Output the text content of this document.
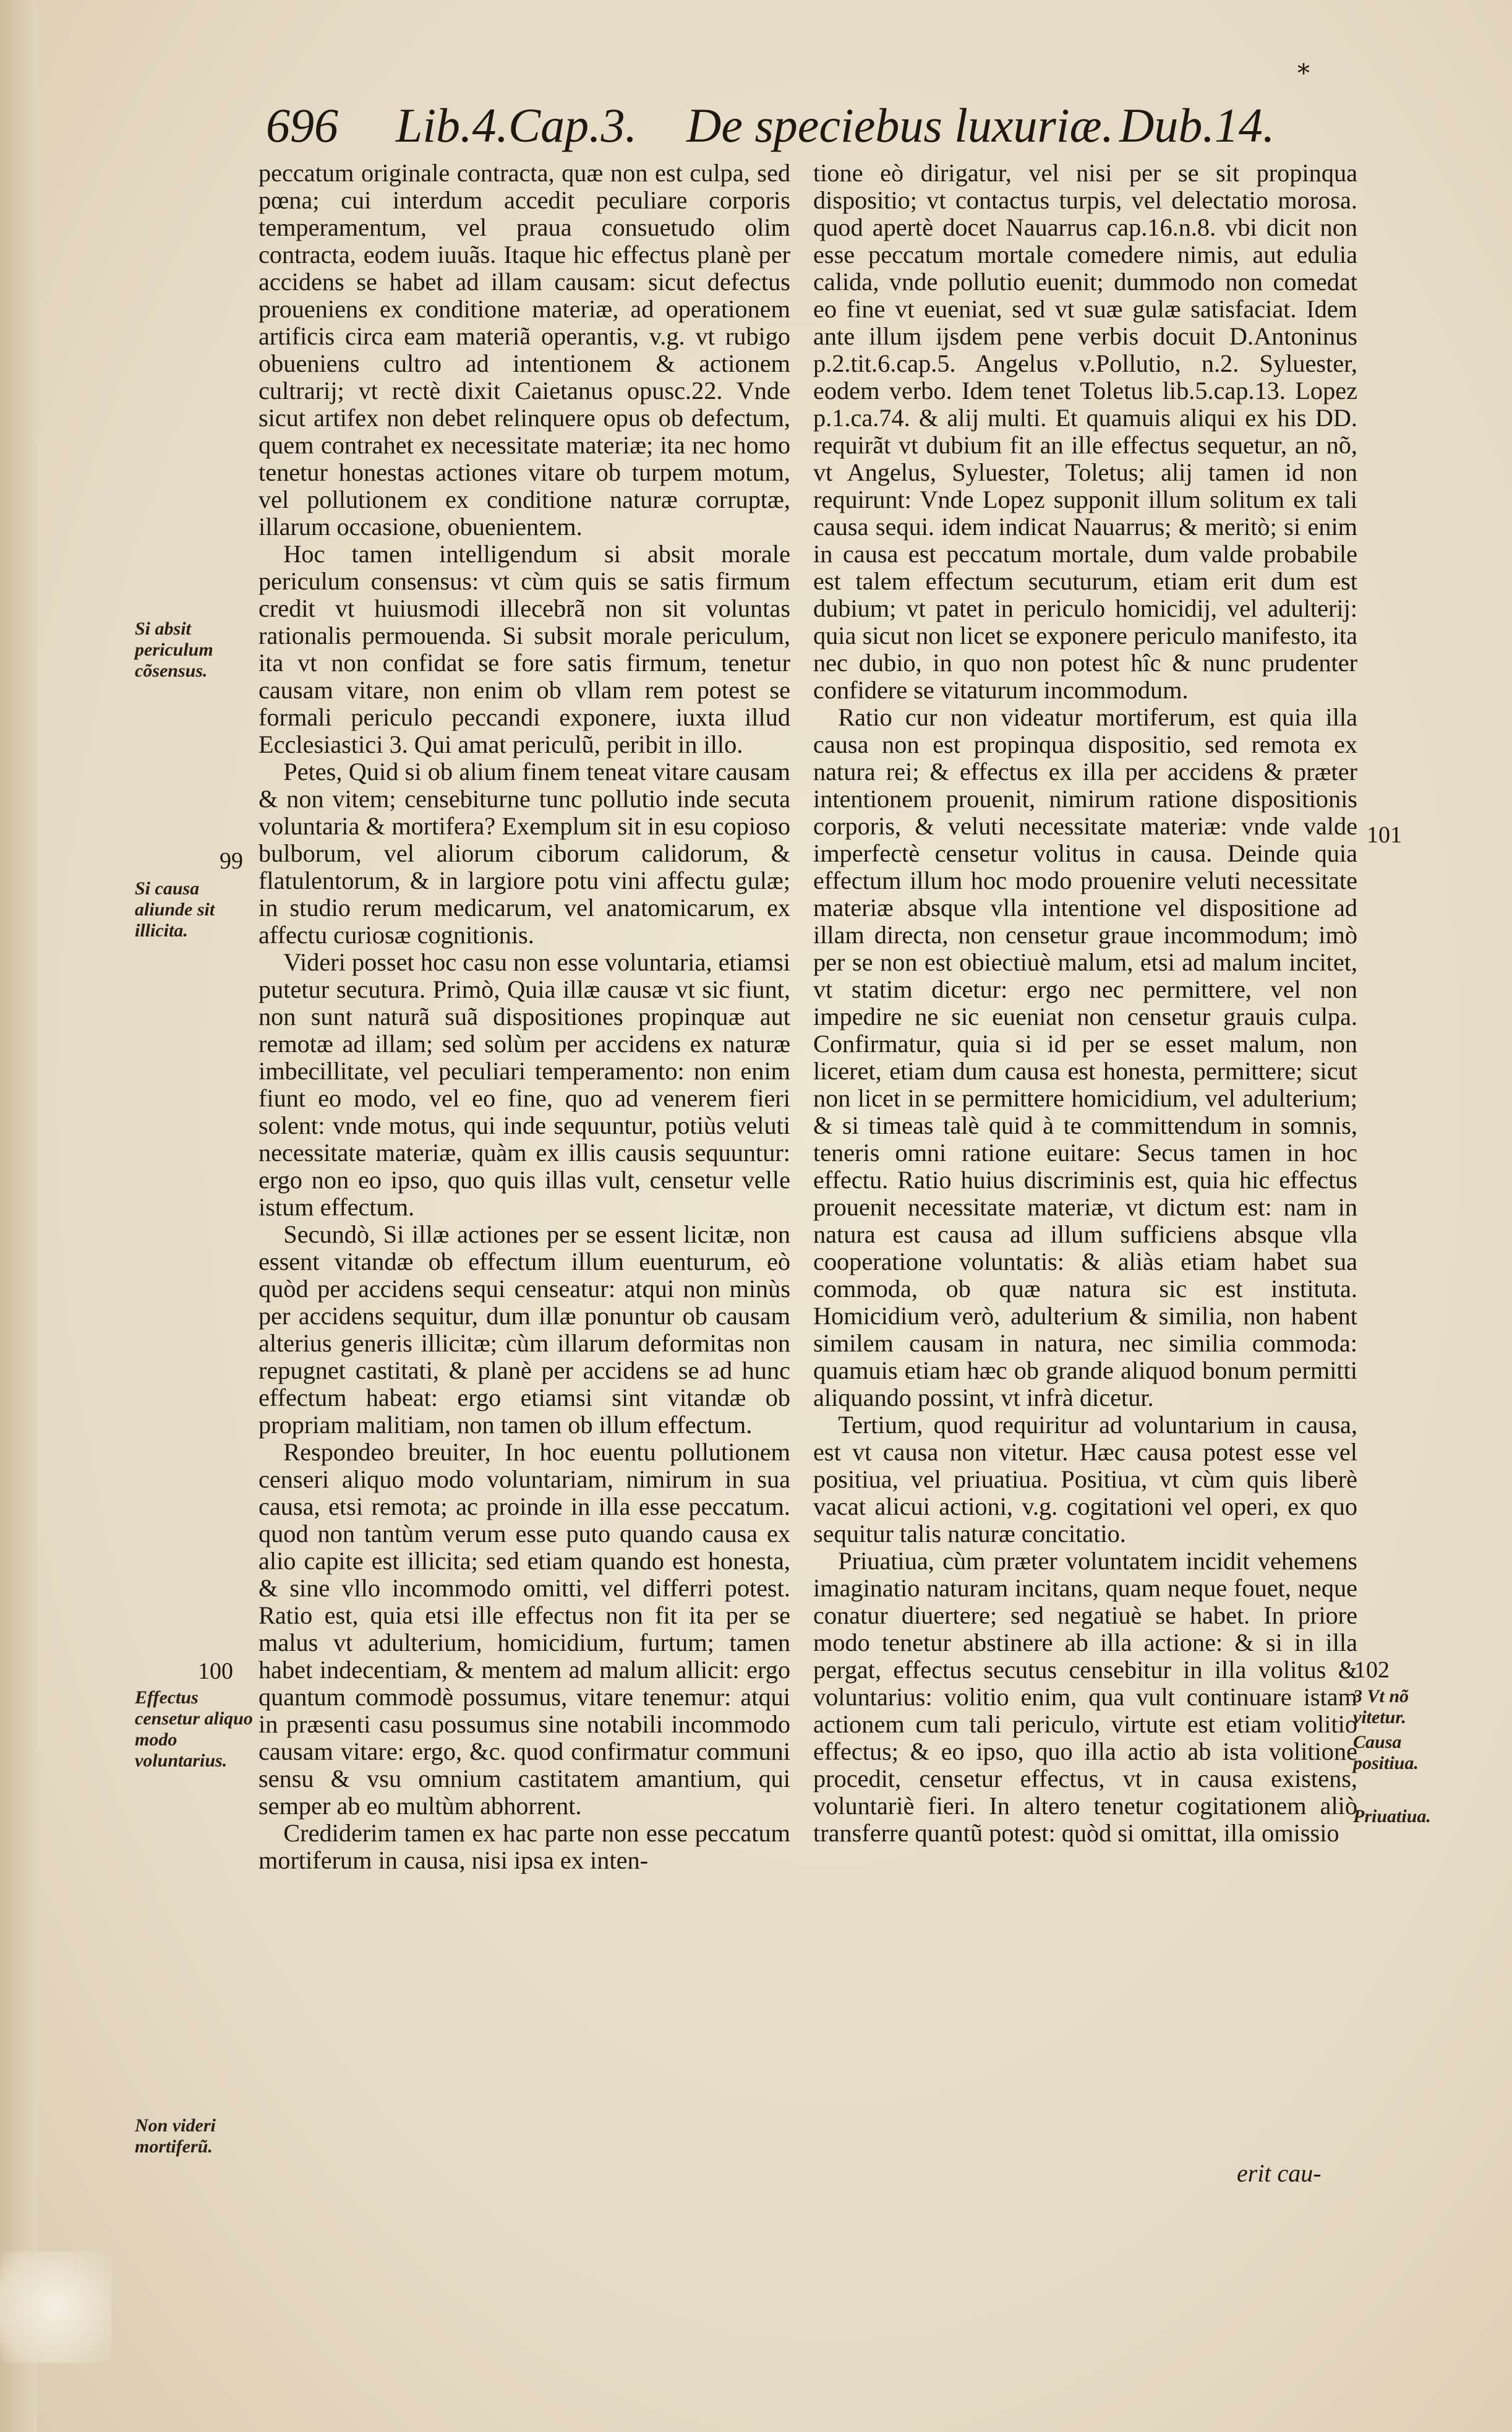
696 Lib.4.Cap.3. De speciebus luxuriæ. Dub.14.
*

peccatum originale contracta, quæ non est culpa, sed pœna; cui interdum accedit peculiare corporis temperamentum, vel praua consuetudo olim contracta, eodem iuuãs. Itaque hic effectus planè per accidens se habet ad illam causam: sicut defectus proueniens ex conditione materiæ, ad operationem artificis circa eam materiã operantis, v.g. vt rubigo obueniens cultro ad intentionem & actionem cultrarij; vt rectè dixit Caietanus opusc.22. Vnde sicut artifex non debet relinquere opus ob defectum, quem contrahet ex necessitate materiæ; ita nec homo tenetur honestas actiones vitare ob turpem motum, vel pollutionem ex conditione naturæ corruptæ, illarum occasione, obuenientem.

Hoc tamen intelligendum si absit morale periculum consensus: vt cùm quis se satis firmum credit vt huiusmodi illecebrã non sit voluntas rationalis permouenda. Si subsit morale periculum, ita vt non confidat se fore satis firmum, tenetur causam vitare, non enim ob vllam rem potest se formali periculo peccandi exponere, iuxta illud Ecclesiastici 3. Qui amat periculũ, peribit in illo.

Petes, Quid si ob alium finem teneat vitare causam & non vitem; censebiturne tunc pollutio inde secuta voluntaria & mortifera? Exemplum sit in esu copioso bulborum, vel aliorum ciborum calidorum, & flatulentorum, & in largiore potu vini affectu gulæ; in studio rerum medicarum, vel anatomicarum, ex affectu curiosæ cognitionis.

Videri posset hoc casu non esse voluntaria, etiamsi putetur secutura. Primò, Quia illæ causæ vt sic fiunt, non sunt naturã suã dispositiones propinquæ aut remotæ ad illam; sed solùm per accidens ex naturæ imbecillitate, vel peculiari temperamento: non enim fiunt eo modo, vel eo fine, quo ad venerem fieri solent: vnde motus, qui inde sequuntur, potiùs veluti necessitate materiæ, quàm ex illis causis sequuntur: ergo non eo ipso, quo quis illas vult, censetur velle istum effectum.

Secundò, Si illæ actiones per se essent licitæ, non essent vitandæ ob effectum illum euenturum, eò quòd per accidens sequi censeatur: atqui non minùs per accidens sequitur, dum illæ ponuntur ob causam alterius generis illicitæ; cùm illarum deformitas non repugnet castitati, & planè per accidens se ad hunc effectum habeat: ergo etiamsi sint vitandæ ob propriam malitiam, non tamen ob illum effectum.

Respondeo breuiter, In hoc euentu pollutionem censeri aliquo modo voluntariam, nimirum in sua causa, etsi remota; ac proinde in illa esse peccatum. quod non tantùm verum esse puto quando causa ex alio capite est illicita; sed etiam quando est honesta, & sine vllo incommodo omitti, vel differri potest. Ratio est, quia etsi ille effectus non fit ita per se malus vt adulterium, homicidium, furtum; tamen habet indecentiam, & mentem ad malum allicit: ergo quantum commodè possumus, vitare tenemur: atqui in præsenti casu possumus sine notabili incommodo causam vitare: ergo, &c. quod confirmatur communi sensu & vsu omnium castitatem amantium, qui semper ab eo multùm abhorrent.

Crediderim tamen ex hac parte non esse peccatum mortiferum in causa, nisi ipsa ex inten-

tione eò dirigatur, vel nisi per se sit propinqua dispositio; vt contactus turpis, vel delectatio morosa. quod apertè docet Nauarrus cap.16.n.8. vbi dicit non esse peccatum mortale comedere nimis, aut edulia calida, vnde pollutio euenit; dummodo non comedat eo fine vt eueniat, sed vt suæ gulæ satisfaciat. Idem ante illum ijsdem pene verbis docuit D.Antoninus p.2.tit.6.cap.5. Angelus v.Pollutio, n.2. Syluester, eodem verbo. Idem tenet Toletus lib.5.cap.13. Lopez p.1.ca.74. & alij multi. Et quamuis aliqui ex his DD. requirãt vt dubium fit an ille effectus sequetur, an nõ, vt Angelus, Syluester, Toletus; alij tamen id non requirunt: Vnde Lopez supponit illum solitum ex tali causa sequi. idem indicat Nauarrus; & meritò; si enim in causa est peccatum mortale, dum valde probabile est talem effectum secuturum, etiam erit dum est dubium; vt patet in periculo homicidij, vel adulterij: quia sicut non licet se exponere periculo manifesto, ita nec dubio, in quo non potest hîc & nunc prudenter confidere se vitaturum incommodum.

Ratio cur non videatur mortiferum, est quia illa causa non est propinqua dispositio, sed remota ex natura rei; & effectus ex illa per accidens & præter intentionem prouenit, nimirum ratione dispositionis corporis, & veluti necessitate materiæ: vnde valde imperfectè censetur volitus in causa. Deinde quia effectum illum hoc modo prouenire veluti necessitate materiæ absque vlla intentione vel dispositione ad illam directa, non censetur graue incommodum; imò per se non est obiectiuè malum, etsi ad malum incitet, vt statim dicetur: ergo nec permittere, vel non impedire ne sic eueniat non censetur grauis culpa. Confirmatur, quia si id per se esset malum, non liceret, etiam dum causa est honesta, permittere; sicut non licet in se permittere homicidium, vel adulterium; & si timeas talè quid à te committendum in somnis, teneris omni ratione euitare: Secus tamen in hoc effectu. Ratio huius discriminis est, quia hic effectus prouenit necessitate materiæ, vt dictum est: nam in natura est causa ad illum sufficiens absque vlla cooperatione voluntatis: & aliàs etiam habet sua commoda, ob quæ natura sic est instituta. Homicidium verò, adulterium & similia, non habent similem causam in natura, nec similia commoda: quamuis etiam hæc ob grande aliquod bonum permitti aliquando possint, vt infrà dicetur.

Tertium, quod requiritur ad voluntarium in causa, est vt causa non vitetur. Hæc causa potest esse vel positiua, vel priuatiua. Positiua, vt cùm quis liberè vacat alicui actioni, v.g. cogitationi vel operi, ex quo sequitur talis naturæ concitatio.

Priuatiua, cùm præter voluntatem incidit vehemens imaginatio naturam incitans, quam neque fouet, neque conatur diuertere; sed negatiuè se habet. In priore modo tenetur abstinere ab illa actione: & si in illa pergat, effectus secutus censebitur in illa volitus & voluntarius: volitio enim, qua vult continuare istam actionem cum tali periculo, virtute est etiam volitio effectus; & eo ipso, quo illa actio ab ista volitione procedit, censetur effectus, vt in causa existens, voluntariè fieri. In altero tenetur cogitationem aliò transferre quantũ potest: quòd si omittat, illa omissio

erit cau-
Si absit periculum cõsensus.
99
Si causa aliunde sit illicita.
100
Effectus censetur aliquo modo voluntarius.
Non videri mortiferũ.
101
102
3 Vt nõ vitetur.
Causa positiua.
Priuatiua.
